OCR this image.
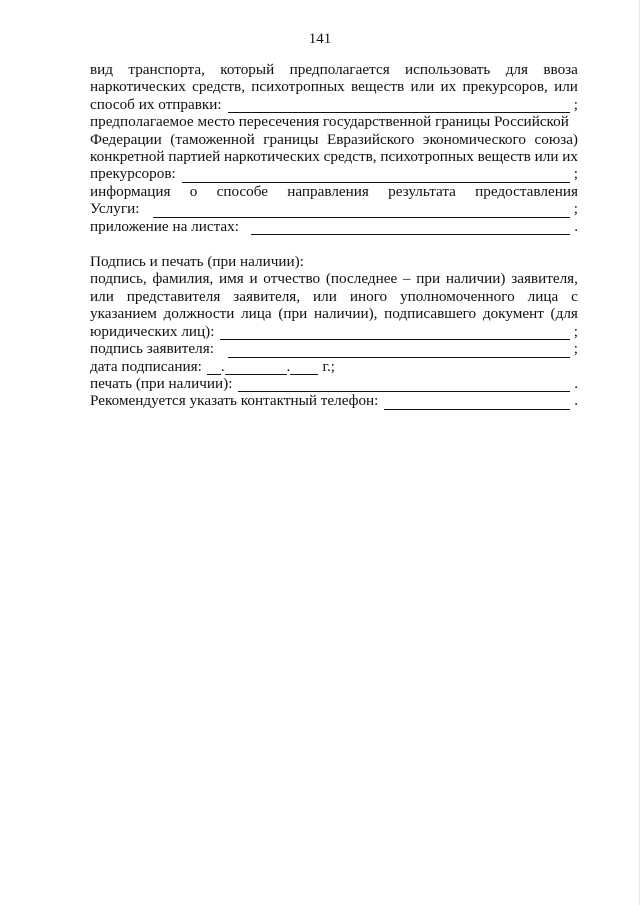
141
вид транспорта, который предполагается использовать для ввоза
наркотических средств, психотропных веществ или их прекурсоров, или
способ их отправки:	;
предполагаемое место пересечения государственной границы Российской
Федерации (таможенной границы Евразийского экономического союза)
конкретной партией наркотических средств, психотропных веществ или их
прекурсоров:	;
информация о способе направления результата предоставления
Услуги:	;
приложение на листах:	.
Подпись и печать (при наличии):
подпись, фамилия, имя и отчество (последнее – при наличии) заявителя,
или представителя заявителя, или иного уполномоченного лица с
указанием должности лица (при наличии), подписавшего документ (для
юридических лиц):	;
подпись заявителя:	;
дата подписания: .	. г.;
печать (при наличии):	.
Рекомендуется указать контактный телефон:	.
